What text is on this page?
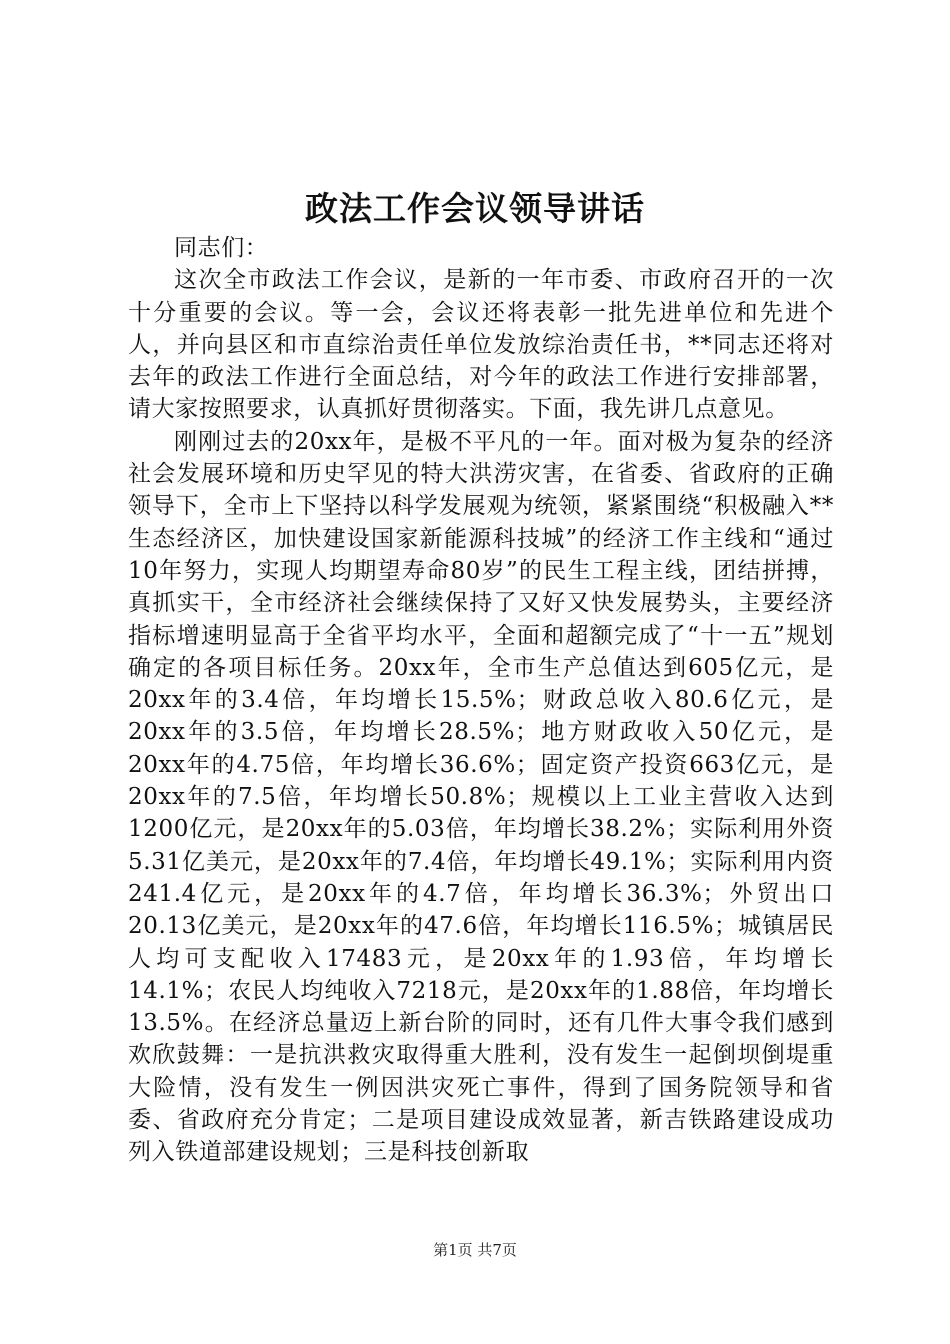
政法工作会议领导讲话

同志们：

这次全市政法工作会议，是新的一年市委、市政府召开的一次十分重要的会议。等一会，会议还将表彰一批先进单位和先进个人，并向县区和市直综治责任单位发放综治责任书，**同志还将对去年的政法工作进行全面总结，对今年的政法工作进行安排部署，请大家按照要求，认真抓好贯彻落实。下面，我先讲几点意见。

刚刚过去的20xx年，是极不平凡的一年。面对极为复杂的经济社会发展环境和历史罕见的特大洪涝灾害，在省委、省政府的正确领导下，全市上下坚持以科学发展观为统领，紧紧围绕“积极融入**生态经济区，加快建设国家新能源科技城”的经济工作主线和“通过10年努力，实现人均期望寿命80岁”的民生工程主线，团结拼搏，真抓实干，全市经济社会继续保持了又好又快发展势头，主要经济指标增速明显高于全省平均水平，全面和超额完成了“十一五”规划确定的各项目标任务。20xx年，全市生产总值达到605亿元，是20xx年的3.4倍，年均增长15.5%；财政总收入80.6亿元，是20xx年的3.5倍，年均增长28.5%；地方财政收入50亿元，是20xx年的4.75倍，年均增长36.6%；固定资产投资663亿元，是20xx年的7.5倍，年均增长50.8%；规模以上工业主营收入达到1200亿元，是20xx年的5.03倍，年均增长38.2%；实际利用外资5.31亿美元，是20xx年的7.4倍，年均增长49.1%；实际利用内资241.4亿元，是20xx年的4.7倍，年均增长36.3%；外贸出口20.13亿美元，是20xx年的47.6倍，年均增长116.5%；城镇居民人均可支配收入17483元，是20xx年的1.93倍，年均增长14.1%；农民人均纯收入7218元，是20xx年的1.88倍，年均增长13.5%。在经济总量迈上新台阶的同时，还有几件大事令我们感到欢欣鼓舞：一是抗洪救灾取得重大胜利，没有发生一起倒坝倒堤重大险情，没有发生一例因洪灾死亡事件，得到了国务院领导和省委、省政府充分肯定；二是项目建设成效显著，新吉铁路建设成功列入铁道部建设规划；三是科技创新取

第1页 共7页
